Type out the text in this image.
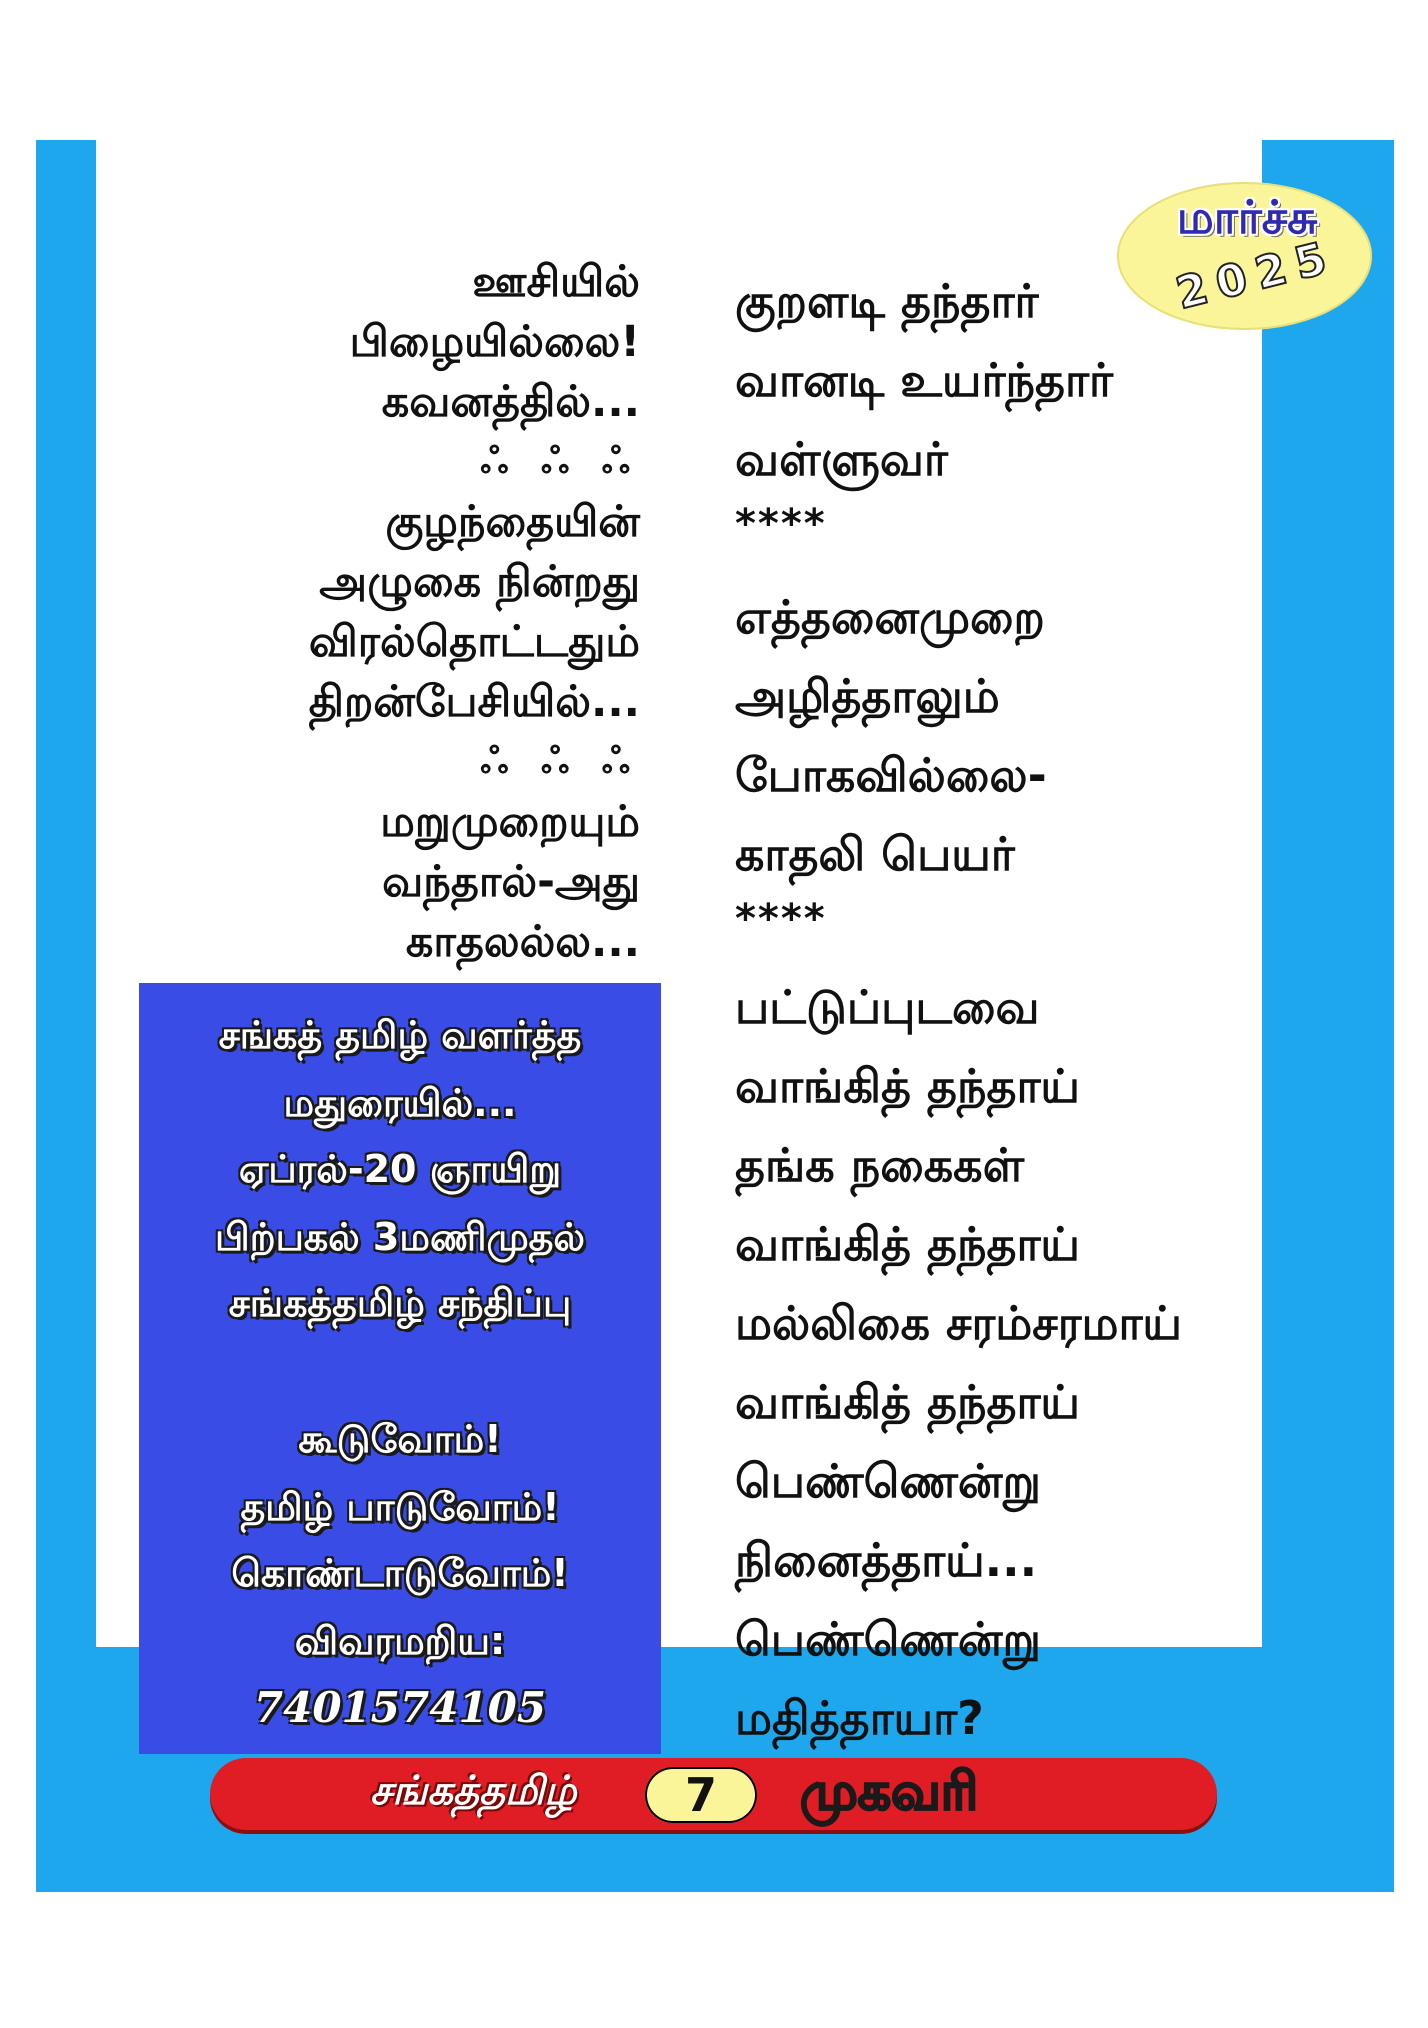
மார்ச்சு
2025
ஊசியில்
பிழையில்லை!
கவனத்தில்...
ஃ ஃ ஃ
குழந்தையின்
அழுகை நின்றது
விரல்தொட்டதும்
திறன்பேசியில்...
ஃ ஃ ஃ
மறுமுறையும்
வந்தால்-அது
காதலல்ல...
குறளடி தந்தார்
வானடி உயர்ந்தார்
வள்ளுவர்
****
எத்தனைமுறை
அழித்தாலும்
போகவில்லை-
காதலி பெயர்
****
பட்டுப்புடவை
வாங்கித் தந்தாய்
தங்க நகைகள்
வாங்கித் தந்தாய்
மல்லிகை சரம்சரமாய்
வாங்கித் தந்தாய்
பெண்ணென்று
நினைத்தாய்...
பெண்ணென்று
மதித்தாயா?
சங்கத் தமிழ் வளர்த்த
மதுரையில்...
ஏப்ரல்-20 ஞாயிறு
பிற்பகல் 3மணிமுதல்
சங்கத்தமிழ் சந்திப்பு
கூடுவோம்!
தமிழ் பாடுவோம்!
கொண்டாடுவோம்!
விவரமறிய:
7401574105
சங்கத்தமிழ்	7	முகவரி
